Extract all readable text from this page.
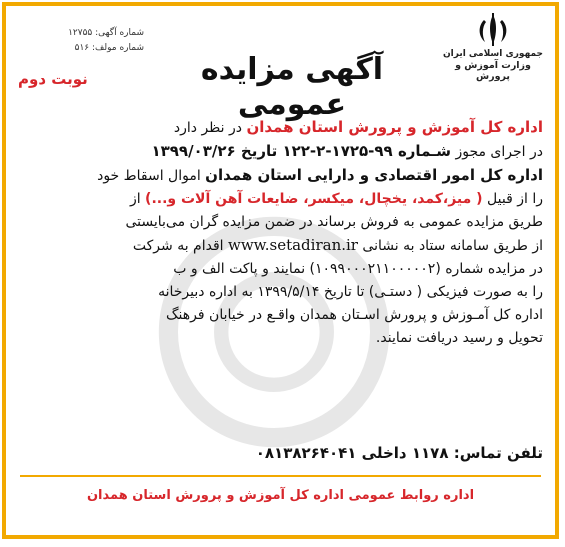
جمهوری اسلامی ایران
وزارت آموزش و پرورش
شماره آگهی: ۱۲۷۵۵
شماره مولف: ۵۱۶
آگهی مزایده عمومی
نوبت دوم

اداره کل آموزش و پرورش استان همدان در نظر دارد

در اجرای مجوز شـماره ۹۹-۱۷۲۵-۲-۱۲۲ تاریخ ۱۳۹۹/۰۳/۲۶

اداره کل امور اقتصادی و دارایی استان همدان اموال اسقاط خود

را از قبیل ( میز،کمد، یخچال، میکسر، ضایعات آهن آلات و...) از

طریق مزایده عمومی به فروش برساند در ضمن مزایده گران می‌بایستی

از طریق سامانه ستاد به نشانی www.setadiran.ir اقدام به شرکت

در مزایده شماره (۱۰۹۹۰۰۰۲۱۱۰۰۰۰۰۲) نمایند و پاکت الف و ب

را به صورت فیزیکی ( دستـی) تا تاریخ ۱۳۹۹/۵/۱۴ به اداره دبیرخانه

اداره کل آمـوزش و پرورش اسـتان همدان واقـع در خیابان فرهنگ

تحویل و رسید دریافت نمایند.

تلفن تماس: ۱۱۷۸ داخلی ۰۸۱۳۸۲۶۴۰۴۱
اداره روابط عمومی اداره کل آموزش و پرورش استان همدان
